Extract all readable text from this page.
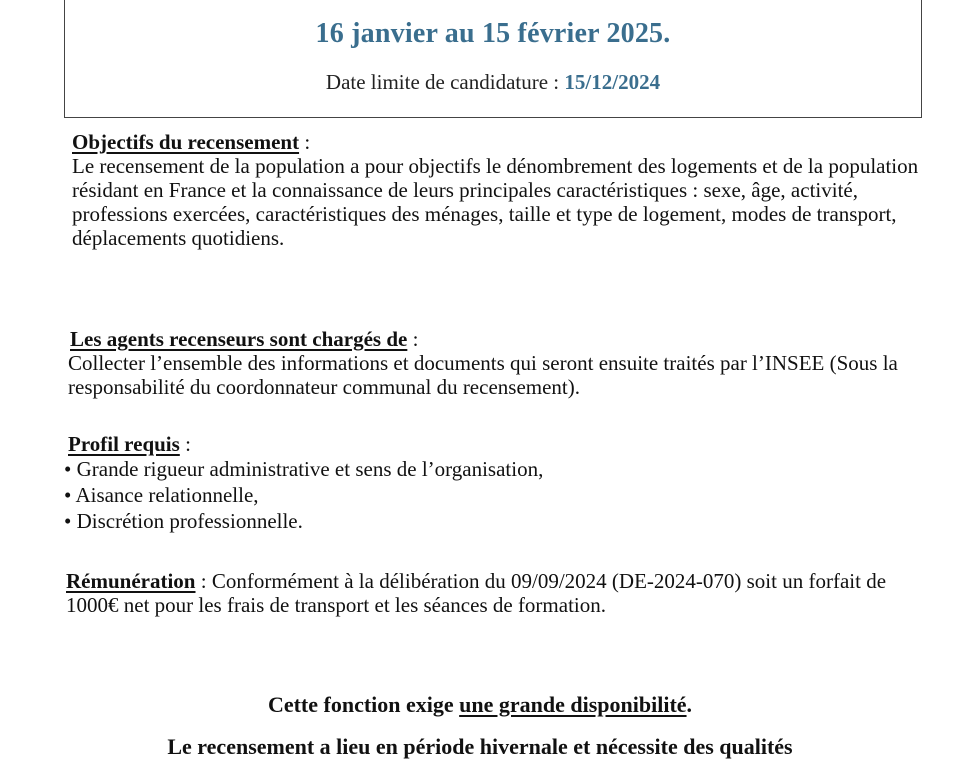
16 janvier au 15 février 2025.
Date limite de candidature : 15/12/2024
Objectifs du recensement :

Le recensement de la population a pour objectifs le dénombrement des logements et de la population résidant en France et la connaissance de leurs principales caractéristiques : sexe, âge, activité, professions exercées, caractéristiques des ménages, taille et type de logement, modes de transport, déplacements quotidiens.

Les agents recenseurs sont chargés de :

Collecter l’ensemble des informations et documents qui seront ensuite traités par l’INSEE (Sous la responsabilité du coordonnateur communal du recensement).

Profil requis :
• Grande rigueur administrative et sens de l’organisation,
• Aisance relationnelle,
• Discrétion professionnelle.

Rémunération : Conformément à la délibération du 09/09/2024 (DE-2024-070) soit un forfait de 1000€ net pour les frais de transport et les séances de formation.

Cette fonction exige une grande disponibilité.
Le recensement a lieu en période hivernale et nécessite des qualités
